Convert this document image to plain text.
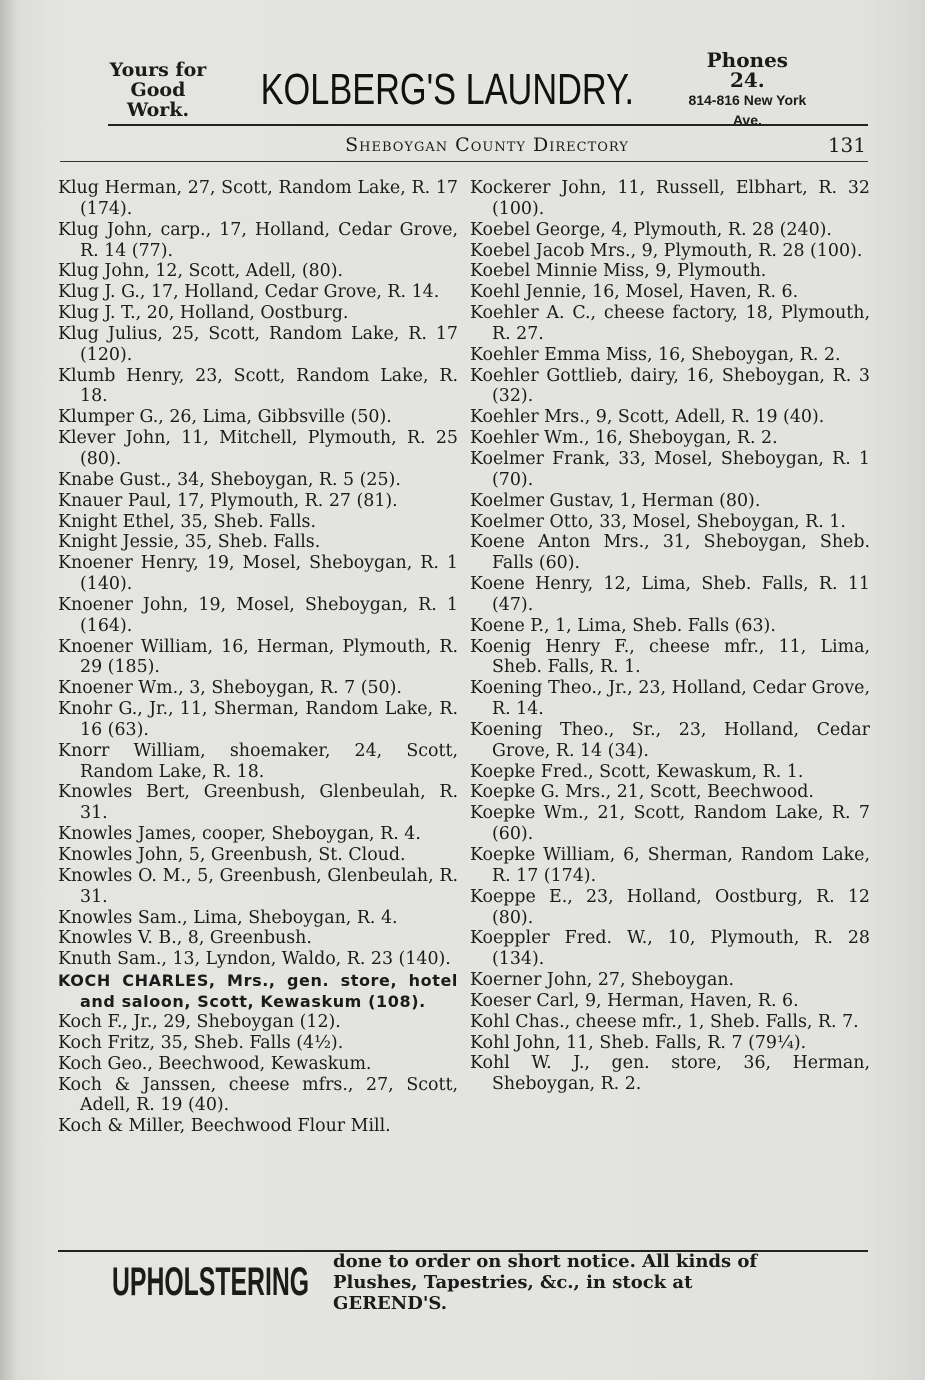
Yours for
Good Work.	KOLBERG'S LAUNDRY.
Phones 24.
814-816 New York Ave.
Sheboygan County Directory	131

Klug Herman, 27, Scott, Random Lake, R. 17 (174).

Klug John, carp., 17, Holland, Cedar Grove, R. 14 (77).

Klug John, 12, Scott, Adell, (80).

Klug J. G., 17, Holland, Cedar Grove, R. 14.

Klug J. T., 20, Holland, Oostburg.

Klug Julius, 25, Scott, Random Lake, R. 17 (120).

Klumb Henry, 23, Scott, Random Lake, R. 18.

Klumper G., 26, Lima, Gibbsville (50).

Klever John, 11, Mitchell, Plymouth, R. 25 (80).

Knabe Gust., 34, Sheboygan, R. 5 (25).

Knauer Paul, 17, Plymouth, R. 27 (81).

Knight Ethel, 35, Sheb. Falls.

Knight Jessie, 35, Sheb. Falls.

Knoener Henry, 19, Mosel, Sheboygan, R. 1 (140).

Knoener John, 19, Mosel, Sheboygan, R. 1 (164).

Knoener William, 16, Herman, Plymouth, R. 29 (185).

Knoener Wm., 3, Sheboygan, R. 7 (50).

Knohr G., Jr., 11, Sherman, Random Lake, R. 16 (63).

Knorr William, shoemaker, 24, Scott, Random Lake, R. 18.

Knowles Bert, Greenbush, Glenbeulah, R. 31.

Knowles James, cooper, Sheboygan, R. 4.

Knowles John, 5, Greenbush, St. Cloud.

Knowles O. M., 5, Greenbush, Glenbeulah, R. 31.

Knowles Sam., Lima, Sheboygan, R. 4.

Knowles V. B., 8, Greenbush.

Knuth Sam., 13, Lyndon, Waldo, R. 23 (140).

KOCH CHARLES, Mrs., gen. store, hotel and saloon, Scott, Kewaskum (108).

Koch F., Jr., 29, Sheboygan (12).

Koch Fritz, 35, Sheb. Falls (4½).

Koch Geo., Beechwood, Kewaskum.

Koch & Janssen, cheese mfrs., 27, Scott, Adell, R. 19 (40).

Koch & Miller, Beechwood Flour Mill.

Kockerer John, 11, Russell, Elbhart, R. 32 (100).

Koebel George, 4, Plymouth, R. 28 (240).

Koebel Jacob Mrs., 9, Plymouth, R. 28 (100).

Koebel Minnie Miss, 9, Plymouth.

Koehl Jennie, 16, Mosel, Haven, R. 6.

Koehler A. C., cheese factory, 18, Plymouth, R. 27.

Koehler Emma Miss, 16, Sheboygan, R. 2.

Koehler Gottlieb, dairy, 16, Sheboygan, R. 3 (32).

Koehler Mrs., 9, Scott, Adell, R. 19 (40).

Koehler Wm., 16, Sheboygan, R. 2.

Koelmer Frank, 33, Mosel, Sheboygan, R. 1 (70).

Koelmer Gustav, 1, Herman (80).

Koelmer Otto, 33, Mosel, Sheboygan, R. 1.

Koene Anton Mrs., 31, Sheboygan, Sheb. Falls (60).

Koene Henry, 12, Lima, Sheb. Falls, R. 11 (47).

Koene P., 1, Lima, Sheb. Falls (63).

Koenig Henry F., cheese mfr., 11, Lima, Sheb. Falls, R. 1.

Koening Theo., Jr., 23, Holland, Cedar Grove, R. 14.

Koening Theo., Sr., 23, Holland, Cedar Grove, R. 14 (34).

Koepke Fred., Scott, Kewaskum, R. 1.

Koepke G. Mrs., 21, Scott, Beechwood.

Koepke Wm., 21, Scott, Random Lake, R. 7 (60).

Koepke William, 6, Sherman, Random Lake, R. 17 (174).

Koeppe E., 23, Holland, Oostburg, R. 12 (80).

Koeppler Fred. W., 10, Plymouth, R. 28 (134).

Koerner John, 27, Sheboygan.

Koeser Carl, 9, Herman, Haven, R. 6.

Kohl Chas., cheese mfr., 1, Sheb. Falls, R. 7.

Kohl John, 11, Sheb. Falls, R. 7 (79¼).

Kohl W. J., gen. store, 36, Herman, Sheboygan, R. 2.

UPHOLSTERING done to order on short notice. All kinds of
Plushes, Tapestries, &c., in stock at GEREND'S.
